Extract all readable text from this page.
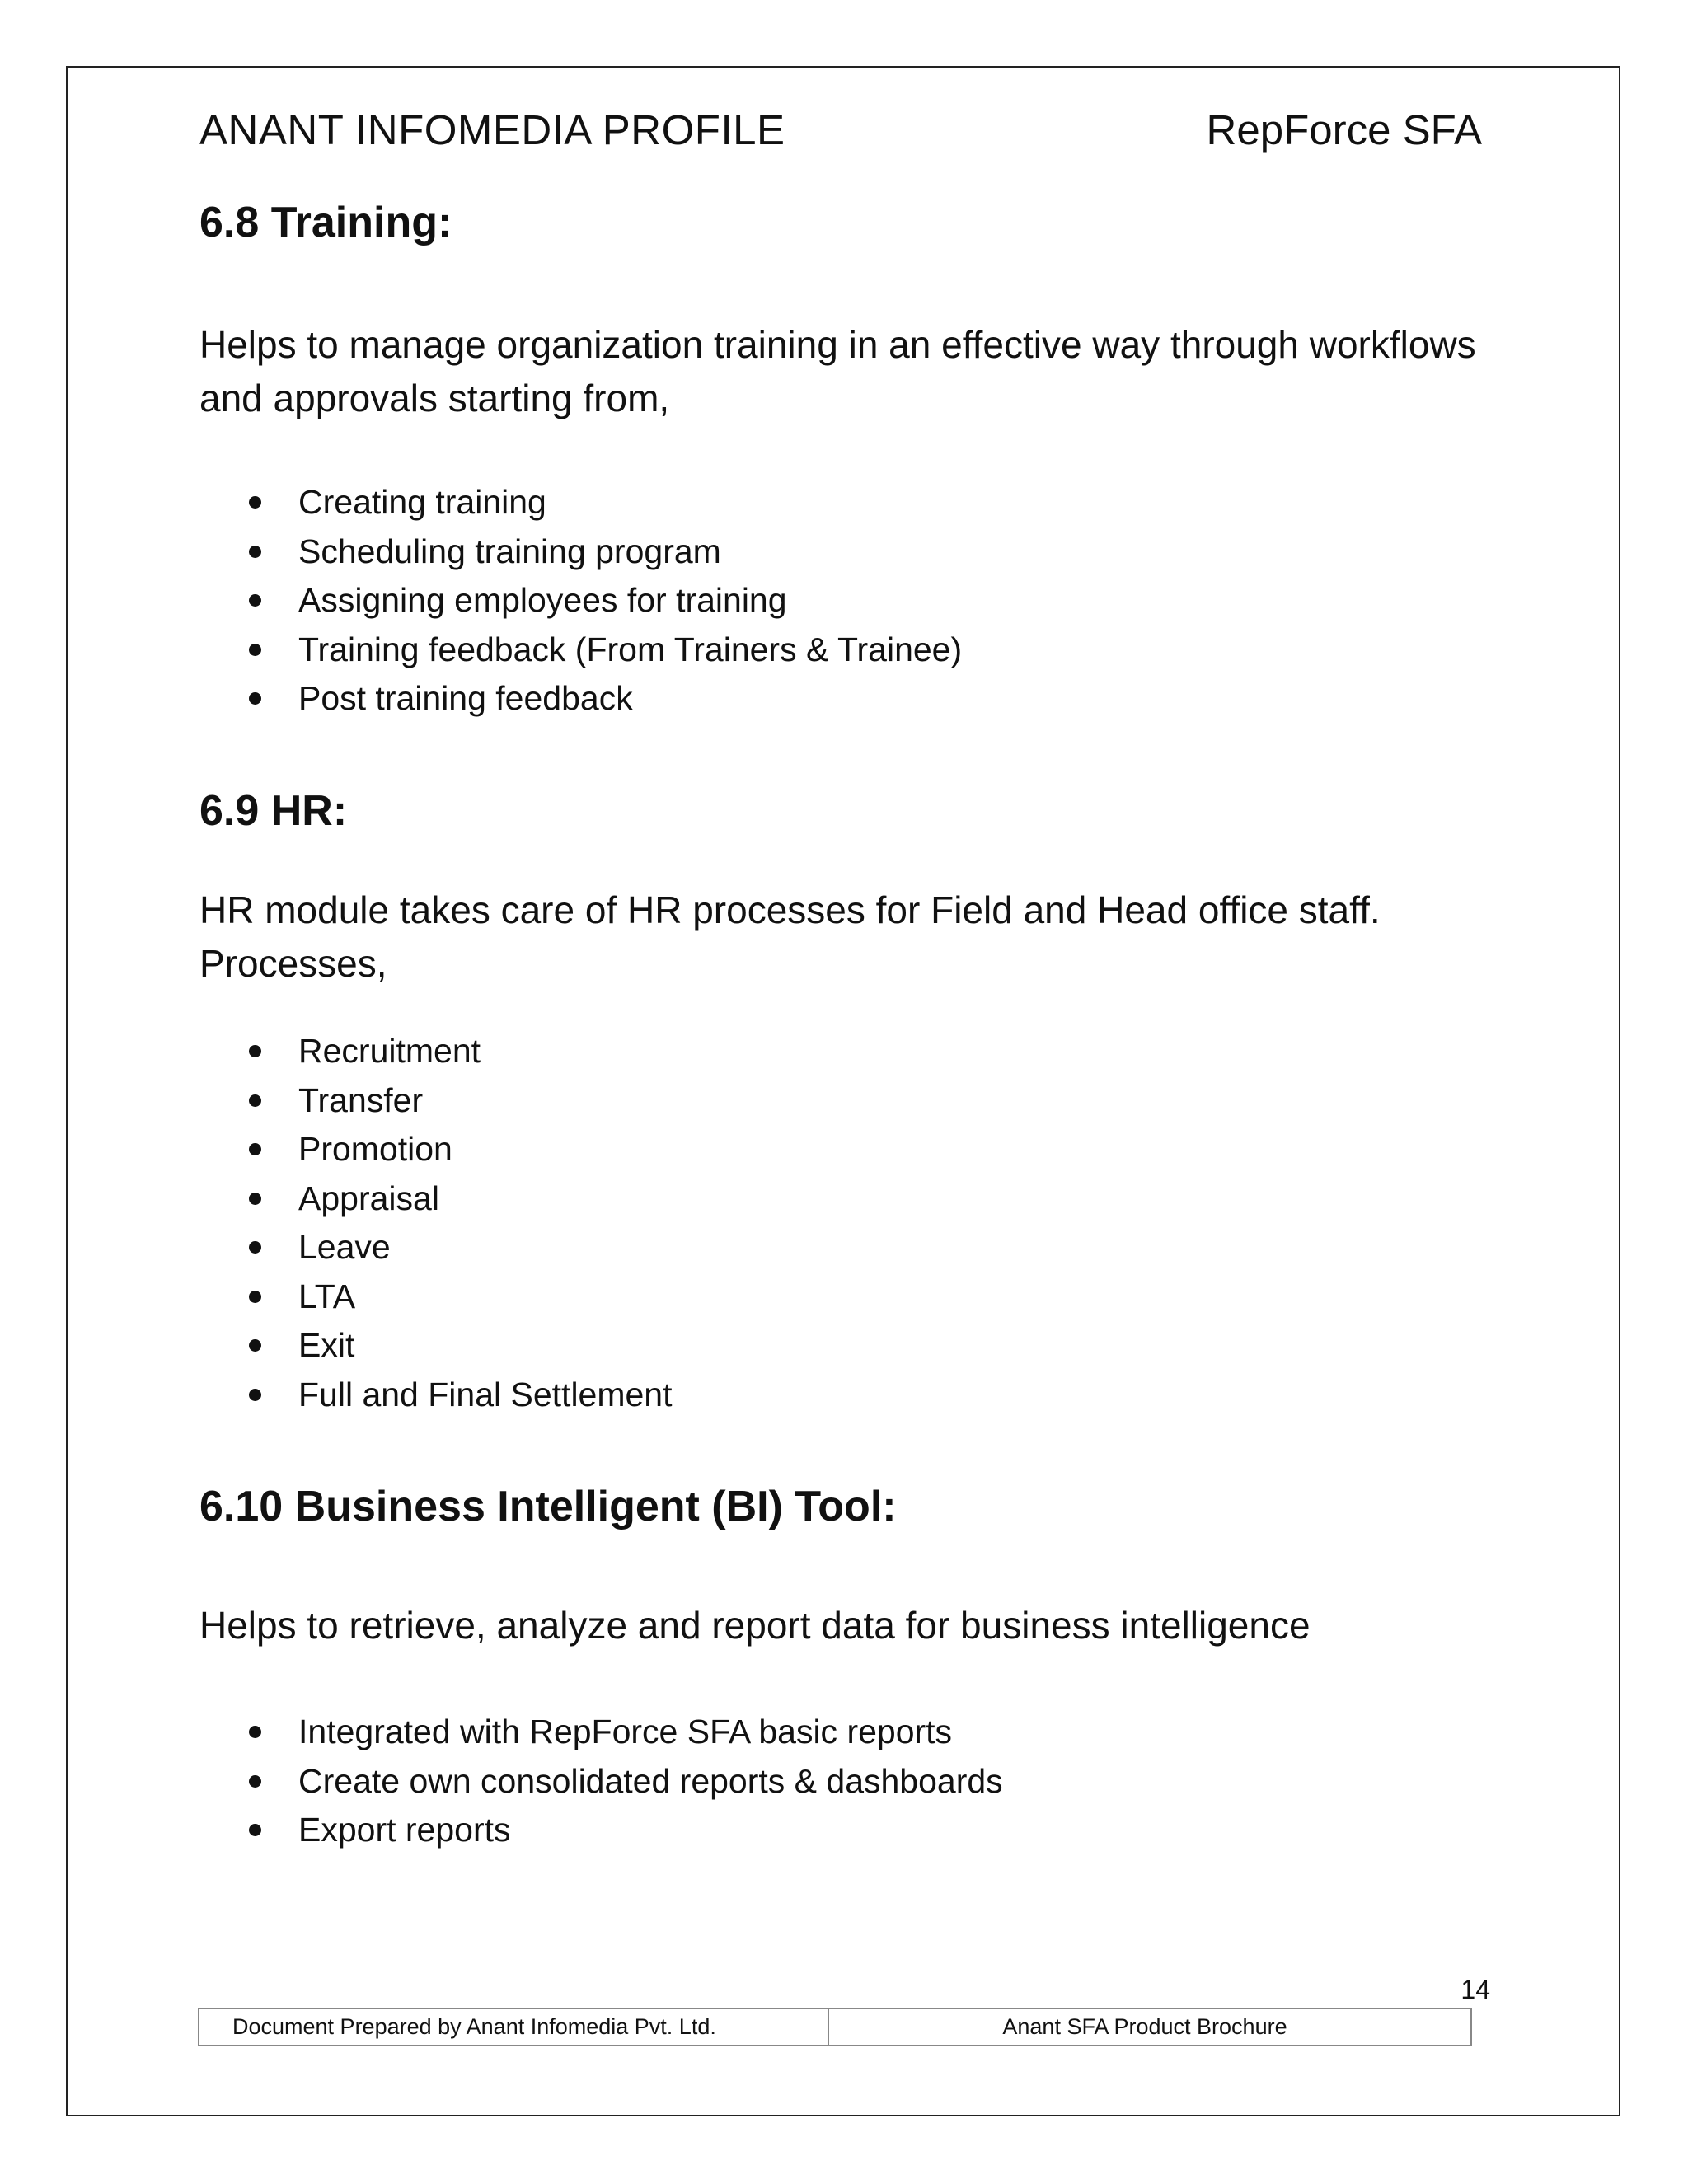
ANANT INFOMEDIA PROFILE	RepForce SFA
6.8 Training:
Helps to manage organization training in an effective way through workflows and approvals starting from,
Creating training
Scheduling training program
Assigning employees for training
Training feedback (From Trainers & Trainee)
Post training feedback
6.9 HR:
HR module takes care of HR processes for Field and Head office staff. Processes,
Recruitment
Transfer
Promotion
Appraisal
Leave
LTA
Exit
Full and Final Settlement
6.10 Business Intelligent (BI) Tool:
Helps to retrieve, analyze and report data for business intelligence
Integrated with RepForce SFA basic reports
Create own consolidated reports & dashboards
Export reports
14
Document Prepared by Anant Infomedia Pvt. Ltd.	Anant SFA Product Brochure
